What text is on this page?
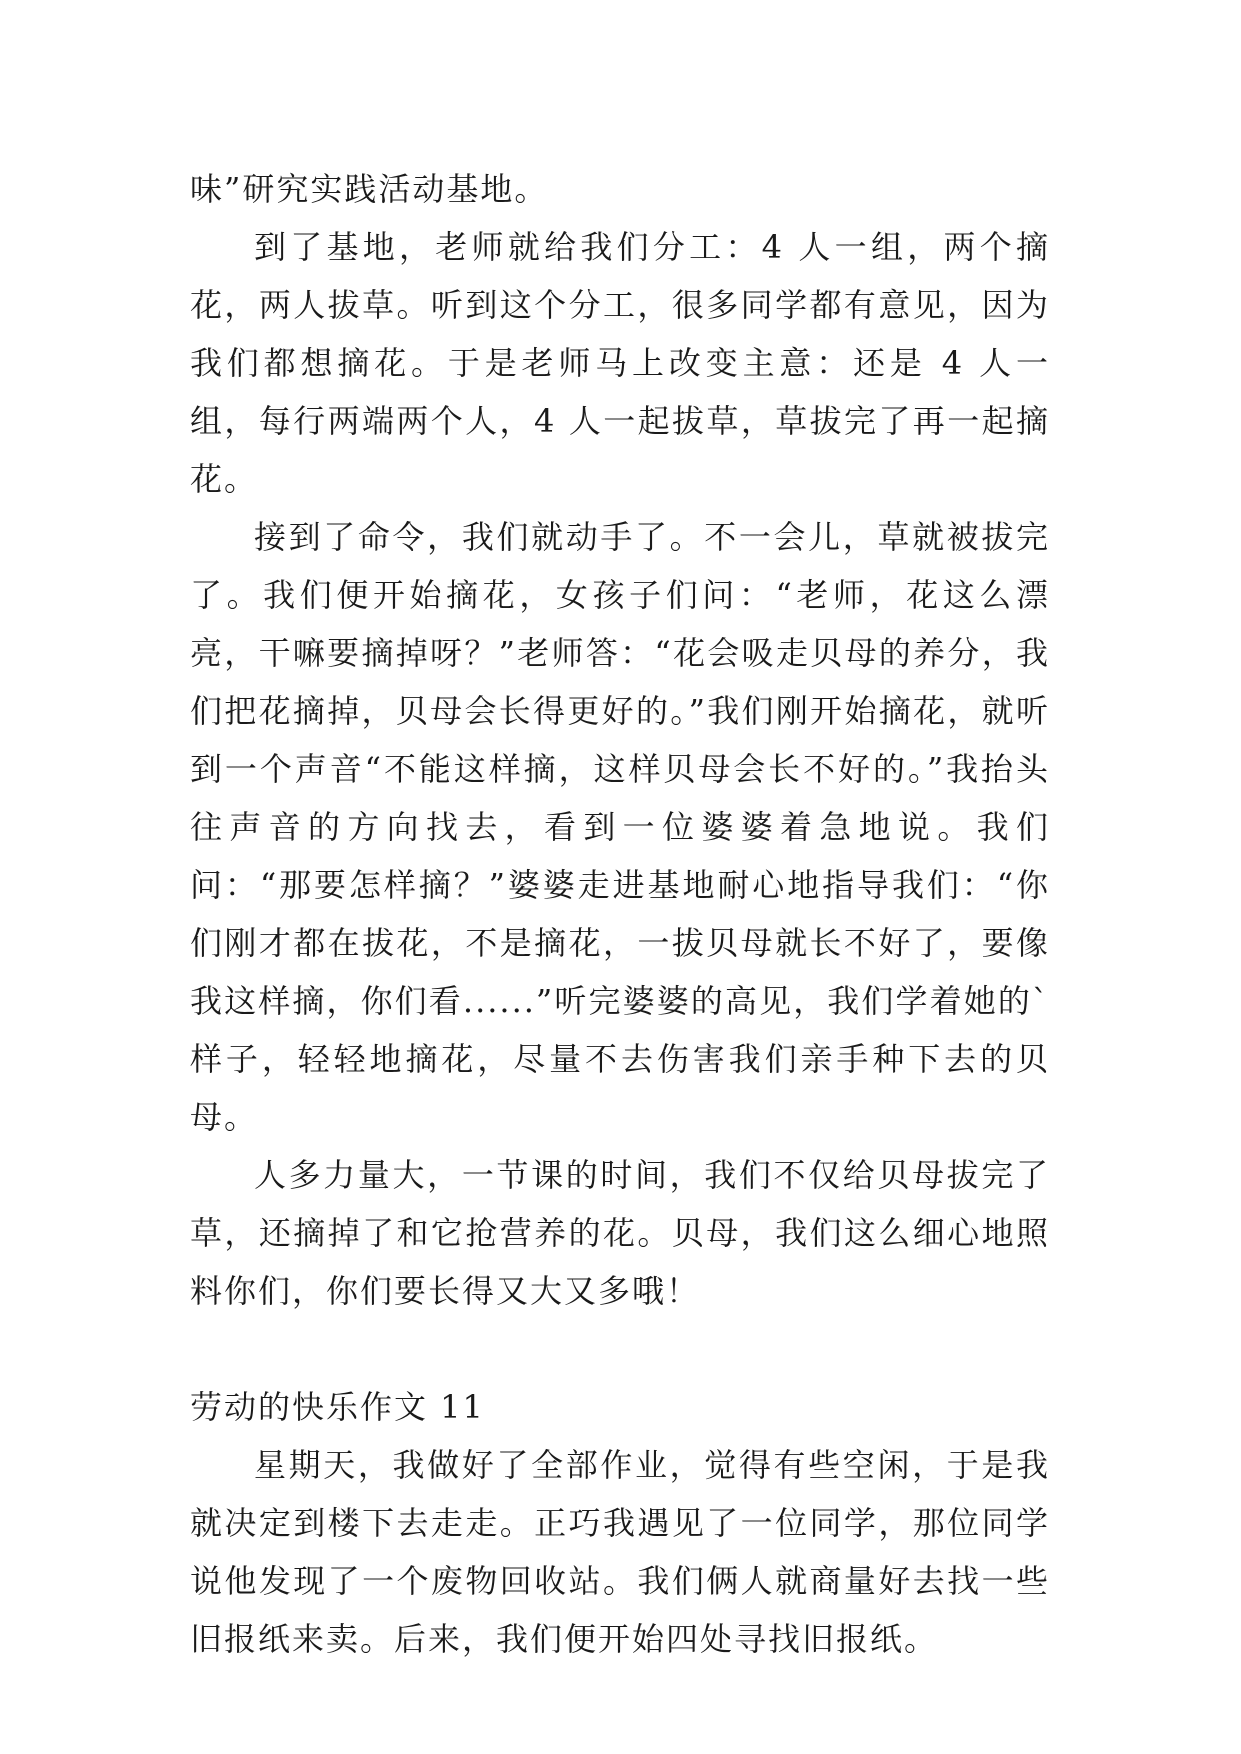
味”研究实践活动基地。

到了基地，老师就给我们分工：4 人一组，两个摘花，两人拔草。听到这个分工，很多同学都有意见，因为我们都想摘花。于是老师马上改变主意：还是 4 人一组，每行两端两个人，4 人一起拔草，草拔完了再一起摘花。

接到了命令，我们就动手了。不一会儿，草就被拔完了。我们便开始摘花，女孩子们问：“老师，花这么漂亮，干嘛要摘掉呀？”老师答：“花会吸走贝母的养分，我们把花摘掉，贝母会长得更好的。”我们刚开始摘花，就听到一个声音“不能这样摘，这样贝母会长不好的。”我抬头往声音的方向找去，看到一位婆婆着急地说。我们问：“那要怎样摘？”婆婆走进基地耐心地指导我们：“你们刚才都在拔花，不是摘花，一拔贝母就长不好了，要像我这样摘，你们看......”听完婆婆的高见，我们学着她的`样子，轻轻地摘花，尽量不去伤害我们亲手种下去的贝母。

人多力量大，一节课的时间，我们不仅给贝母拔完了草，还摘掉了和它抢营养的花。贝母，我们这么细心地照料你们，你们要长得又大又多哦！

劳动的快乐作文 11

星期天，我做好了全部作业，觉得有些空闲，于是我就决定到楼下去走走。正巧我遇见了一位同学，那位同学说他发现了一个废物回收站。我们俩人就商量好去找一些旧报纸来卖。后来，我们便开始四处寻找旧报纸。
